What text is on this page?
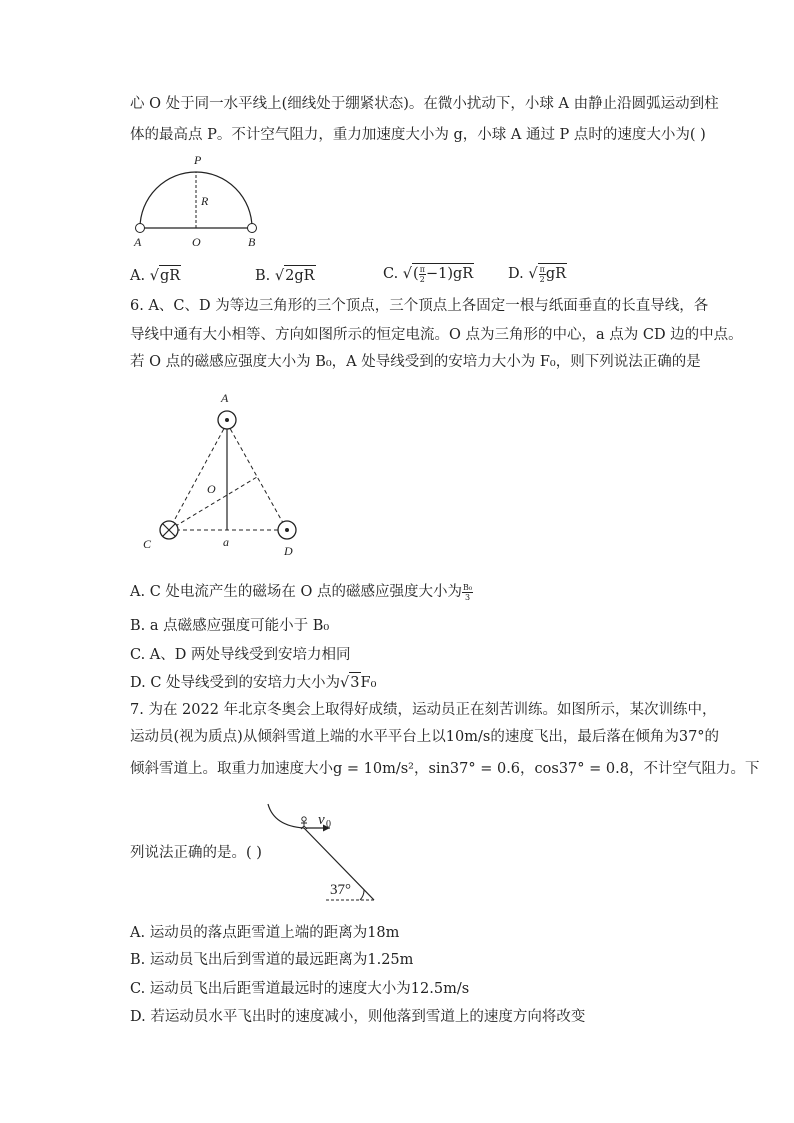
心 O 处于同一水平线上(细线处于绷紧状态)。在微小扰动下，小球 A 由静止沿圆弧运动到柱
体的最高点 P。不计空气阻力，重力加速度大小为 g，小球 A 通过 P 点时的速度大小为( )
P
R
A	O	B
A. √gR	B. √2gR	C. √( $\frac{\pi}{2} -1)gR$ D. √ $\frac{\pi}{2}$ gR
6. A、C、D 为等边三角形的三个顶点，三个顶点上各固定一根与纸面垂直的长直导线，各
导线中通有大小相等、方向如图所示的恒定电流。O 点为三角形的中心，a 点为 CD 边的中点。
若 O 点的磁感应强度大小为 B₀，A 处导线受到的安培力大小为 F₀，则下列说法正确的是
A
O
C	a
D
A. C 处电流产生的磁场在 O 点的磁感应强度大小为 $\frac{\text{B₀}}{3}$
B. a 点磁感应强度可能小于 B₀
C. A、D 两处导线受到安培力相同
D. C 处导线受到的安培力大小为√3F₀
7. 为在 2022 年北京冬奥会上取得好成绩，运动员正在刻苦训练。如图所示，某次训练中，
运动员(视为质点)从倾斜雪道上端的水平平台上以10m/s的速度飞出，最后落在倾角为37°的
倾斜雪道上。取重力加速度大小g = 10m/s²，sin37° = 0.6，cos37° = 0.8，不计空气阻力。下
列说法正确的是。( )
v 0
37°
A. 运动员的落点距雪道上端的距离为18m
B. 运动员飞出后到雪道的最远距离为1.25m
C. 运动员飞出后距雪道最远时的速度大小为12.5m/s
D. 若运动员水平飞出时的速度减小，则他落到雪道上的速度方向将改变
